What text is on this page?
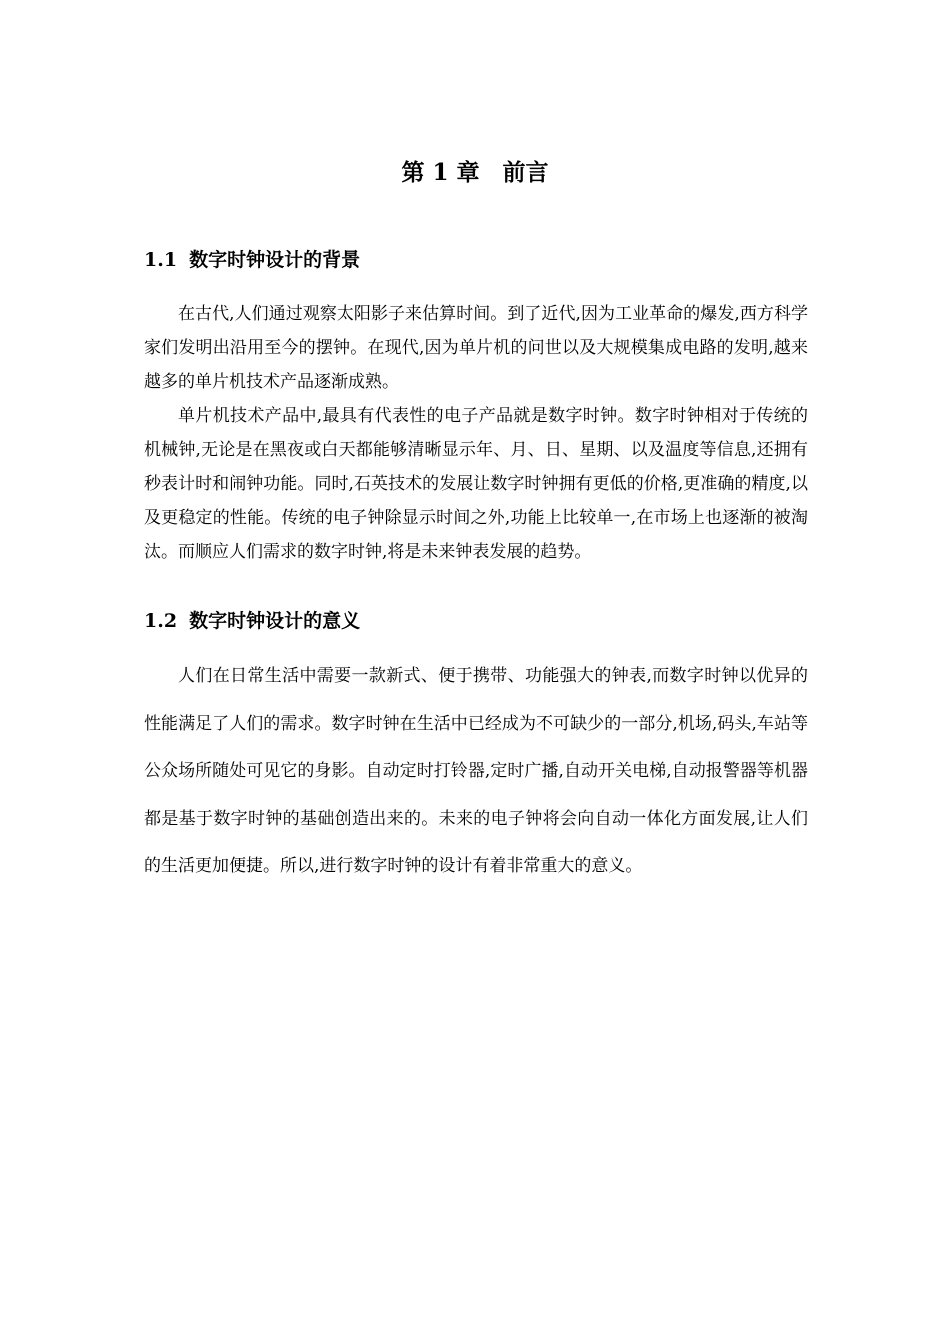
第 1 章　前言
1.1 数字时钟设计的背景

在古代,人们通过观察太阳影子来估算时间。到了近代,因为工业革命的爆发,西方科学家们发明出沿用至今的摆钟。在现代,因为单片机的问世以及大规模集成电路的发明,越来越多的单片机技术产品逐渐成熟。

单片机技术产品中,最具有代表性的电子产品就是数字时钟。数字时钟相对于传统的机械钟,无论是在黑夜或白天都能够清晰显示年、月、日、星期、以及温度等信息,还拥有秒表计时和闹钟功能。同时,石英技术的发展让数字时钟拥有更低的价格,更准确的精度,以及更稳定的性能。传统的电子钟除显示时间之外,功能上比较单一,在市场上也逐渐的被淘汰。而顺应人们需求的数字时钟,将是未来钟表发展的趋势。

1.2 数字时钟设计的意义

人们在日常生活中需要一款新式、便于携带、功能强大的钟表,而数字时钟以优异的性能满足了人们的需求。数字时钟在生活中已经成为不可缺少的一部分,机场,码头,车站等公众场所随处可见它的身影。自动定时打铃器,定时广播,自动开关电梯,自动报警器等机器都是基于数字时钟的基础创造出来的。未来的电子钟将会向自动一体化方面发展,让人们的生活更加便捷。所以,进行数字时钟的设计有着非常重大的意义。
